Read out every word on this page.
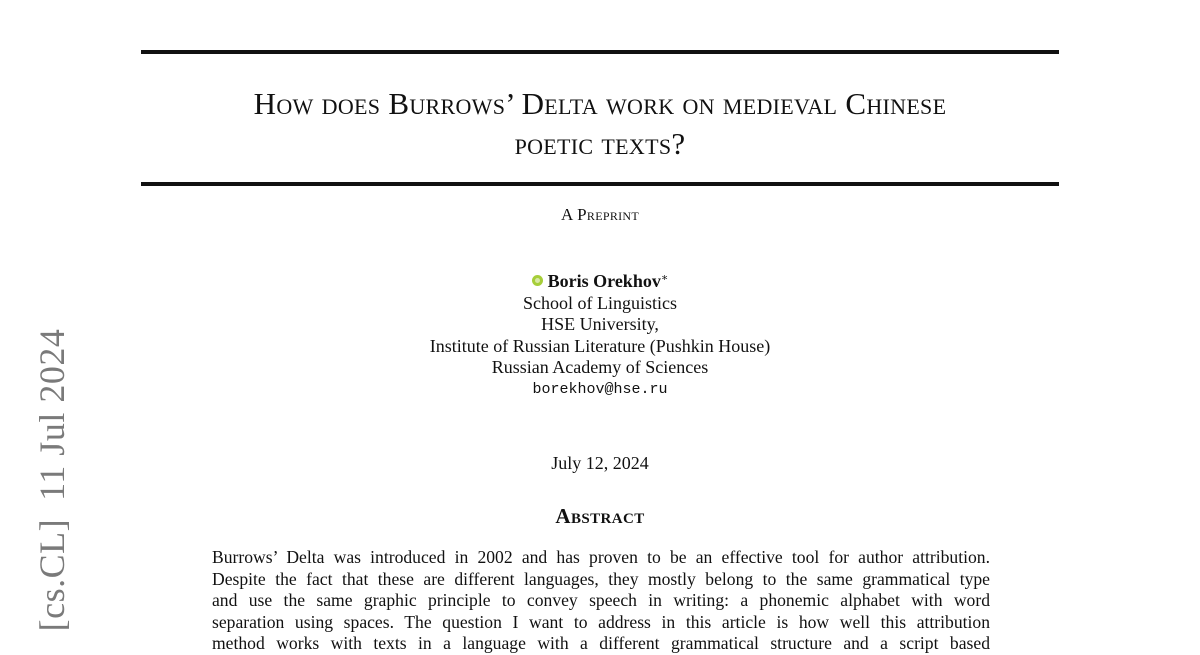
How does Burrows’ Delta work on medieval Chinese
poetic texts?
A Preprint
Boris Orekhov∗
School of Linguistics
HSE University,
Institute of Russian Literature (Pushkin House)
Russian Academy of Sciences
borekhov@hse.ru
July 12, 2024
Abstract
Burrows’ Delta was introduced in 2002 and has proven to be an effective tool for author attribution.
Despite the fact that these are different languages, they mostly belong to the same grammatical type
and use the same graphic principle to convey speech in writing: a phonemic alphabet with word
separation using spaces. The question I want to address in this article is how well this attribution
method works with texts in a language with a different grammatical structure and a script based
[cs.CL]11 Jul 2024
